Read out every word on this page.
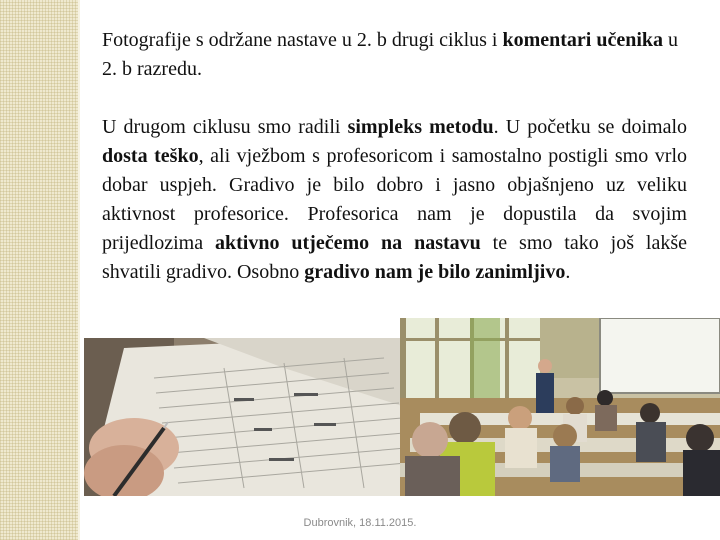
Fotografije s održane nastave u 2. b drugi ciklus i komentari učenika u 2. b razredu.

U drugom ciklusu smo radili simpleks metodu. U početku se doimalo dosta teško, ali vježbom s profesoricom i samostalno postigli smo vrlo dobar uspjeh. Gradivo je bilo dobro i jasno objašnjeno uz veliku aktivnost profesorice. Profesorica nam je dopustila da svojim prijedlozima aktivno utječemo na nastavu te smo tako još lakše shvatili gradivo. Osobno gradivo nam je bilo zanimljivo.

Dubrovnik, 18.11.2015.
